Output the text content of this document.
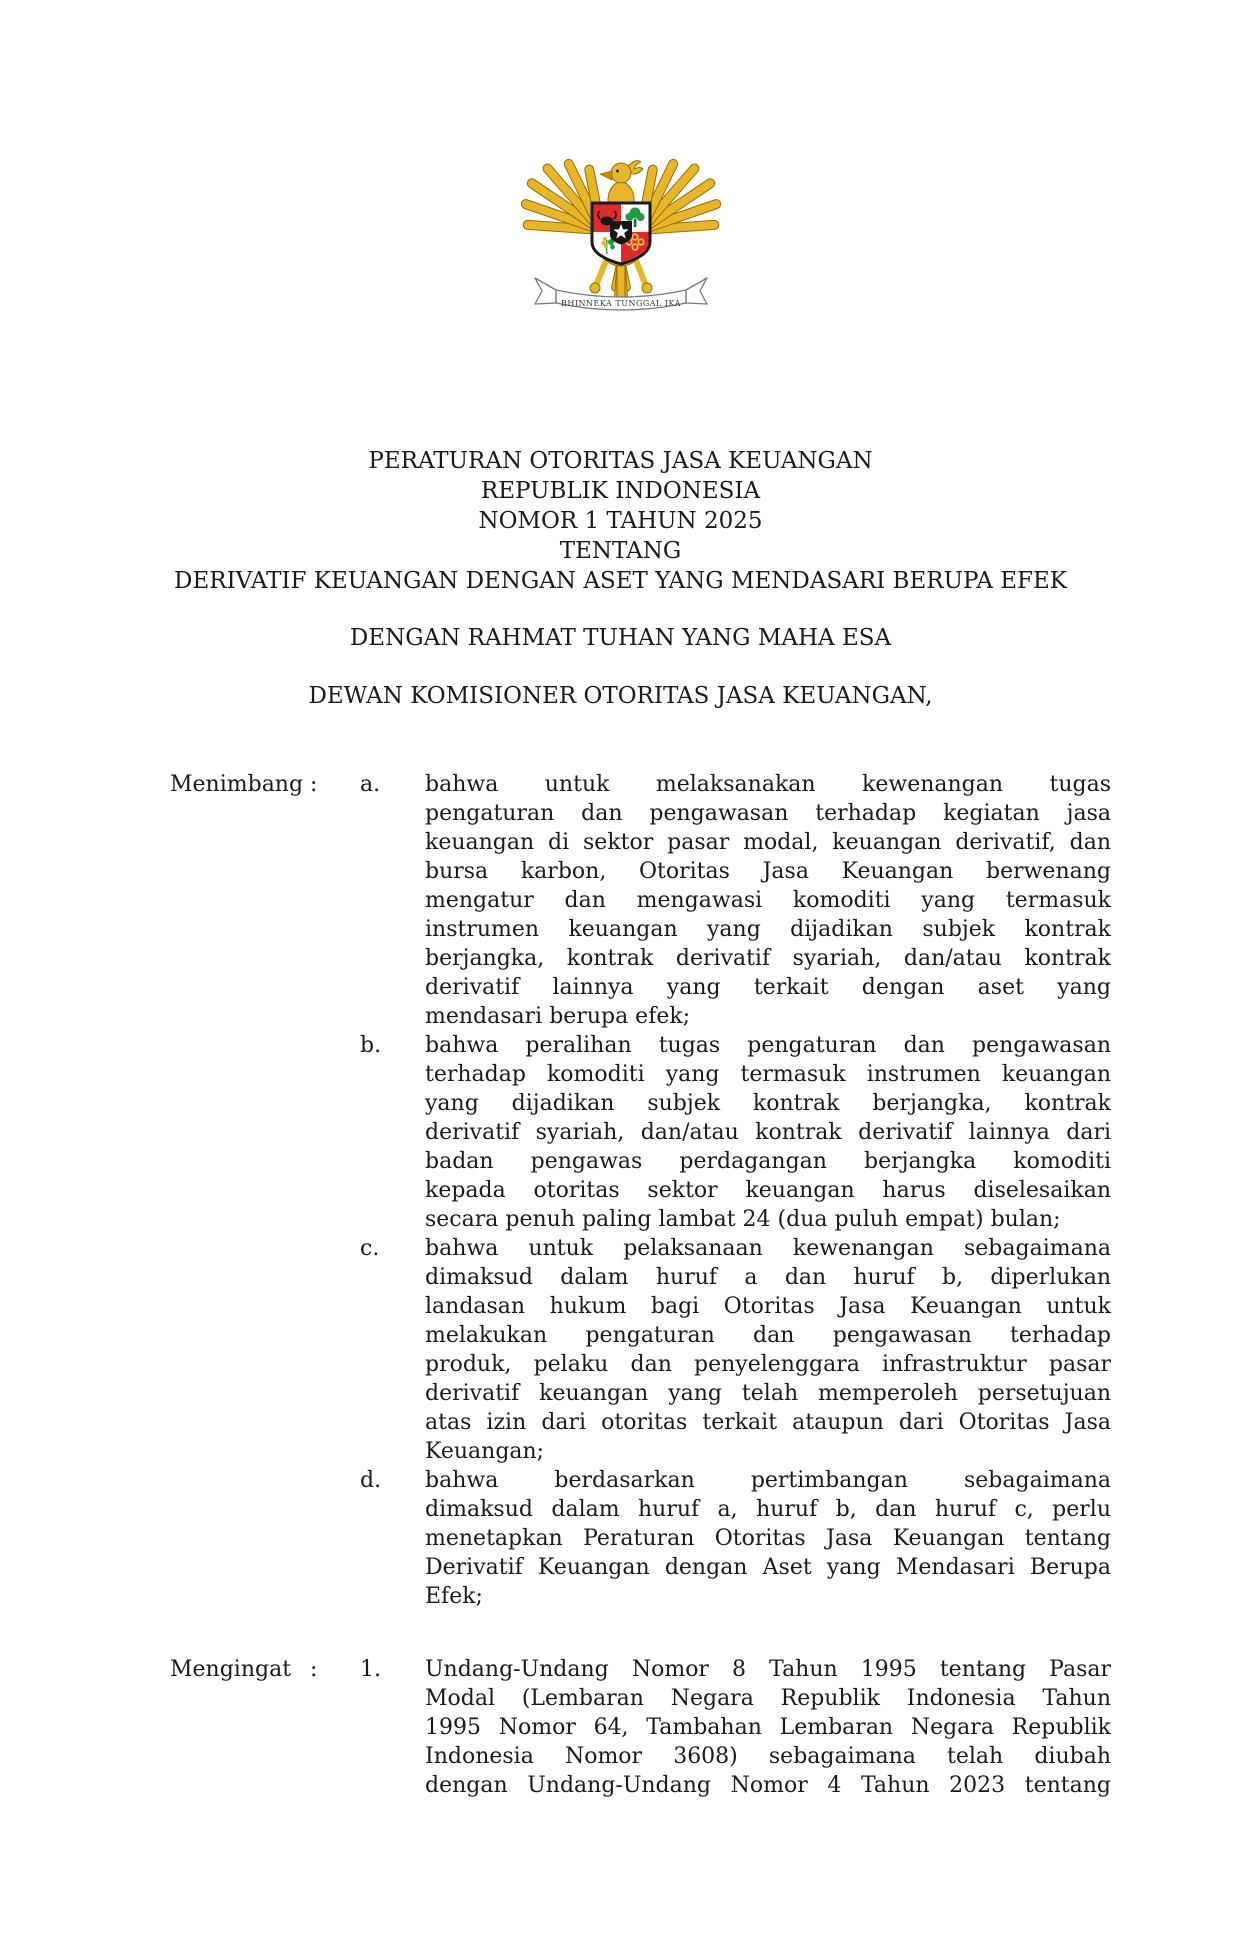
BHINNEKA TUNGGAL IKA
PERATURAN OTORITAS JASA KEUANGAN
REPUBLIK INDONESIA
NOMOR 1 TAHUN 2025
TENTANG
DERIVATIF KEUANGAN DENGAN ASET YANG MENDASARI BERUPA EFEK
DENGAN RAHMAT TUHAN YANG MAHA ESA
DEWAN KOMISIONER OTORITAS JASA KEUANGAN,
Menimbang :	a.	bahwa untuk melaksanakan kewenangan tugas
pengaturan dan pengawasan terhadap kegiatan jasa
keuangan di sektor pasar modal, keuangan derivatif, dan
bursa karbon, Otoritas Jasa Keuangan berwenang
mengatur dan mengawasi komoditi yang termasuk
instrumen keuangan yang dijadikan subjek kontrak
berjangka, kontrak derivatif syariah, dan/atau kontrak
derivatif lainnya yang terkait dengan aset yang
mendasari berupa efek;
b.	bahwa peralihan tugas pengaturan dan pengawasan
terhadap komoditi yang termasuk instrumen keuangan
yang dijadikan subjek kontrak berjangka, kontrak
derivatif syariah, dan/atau kontrak derivatif lainnya dari
badan pengawas perdagangan berjangka komoditi
kepada otoritas sektor keuangan harus diselesaikan
secara penuh paling lambat 24 (dua puluh empat) bulan;
c.	bahwa untuk pelaksanaan kewenangan sebagaimana
dimaksud dalam huruf a dan huruf b, diperlukan
landasan hukum bagi Otoritas Jasa Keuangan untuk
melakukan pengaturan dan pengawasan terhadap
produk, pelaku dan penyelenggara infrastruktur pasar
derivatif keuangan yang telah memperoleh persetujuan
atas izin dari otoritas terkait ataupun dari Otoritas Jasa
Keuangan;
d.	bahwa berdasarkan pertimbangan sebagaimana
dimaksud dalam huruf a, huruf b, dan huruf c, perlu
menetapkan Peraturan Otoritas Jasa Keuangan tentang
Derivatif Keuangan dengan Aset yang Mendasari Berupa
Efek;
Mengingat :	1.	Undang-Undang Nomor 8 Tahun 1995 tentang Pasar
Modal (Lembaran Negara Republik Indonesia Tahun
1995 Nomor 64, Tambahan Lembaran Negara Republik
Indonesia Nomor 3608) sebagaimana telah diubah
dengan Undang-Undang Nomor 4 Tahun 2023 tentang
